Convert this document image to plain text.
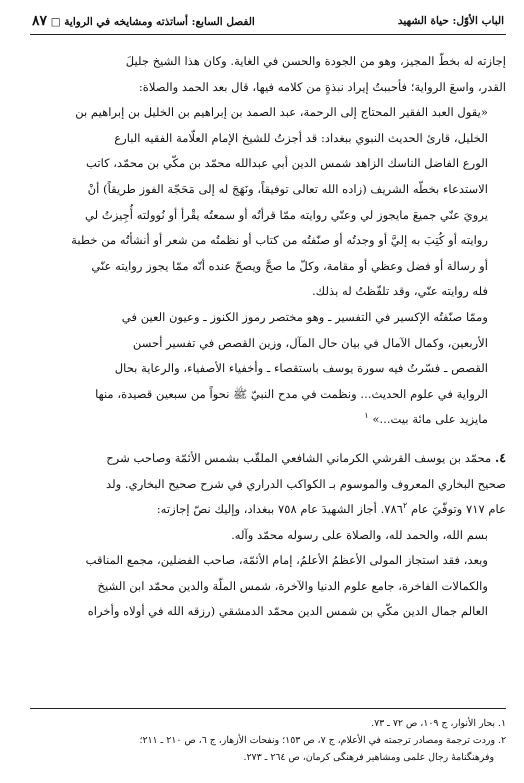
الباب الأوّل: حياة الشهيد
الفصل السابع: أساتذته ومشايخه في الرواية □ ٨٧

إجازته له بخطّ المجيز، وهو من الجودة والحسن في الغاية. وكان هذا الشيخ جليلَ

القدر، واسعَ الرواية؛ فأحببتُ إيراد نبذةٍ من كلامه فيها، قال بعد الحمد والصلاة:

«يقول العبد الفقير المحتاج إلى الرحمة، عبد الصمد بن إبراهيم بن الخليل بن إبراهيم بن

الخليل، قارئ الحديث النبوي ببغداد: قد أجزتُ للشيخ الإمام العلّامة الفقيه البارع

الورع الفاضل الناسك الزاهد شمس الدين أبي عبدالله محمّد بن مكّي بن محمّد، كاتب

الاستدعاء بخطّه الشريف (زاده الله تعالى توفيقاً، ونَهَجَ له إلى مَحَجّة الفوز طريقاً) أنْ

يرويَ عنّي جميعَ مايجوز لي وعنّي روايته ممّا قرأتُه أو سمعتُه يقْرأ أو نُوولته أُجِيزتُ لي

روايته أو كُتِبَ به إليَّ أو وجدتُه أو صنّفتُه من كتاب أو نظمتُه من شعر أو أنشأتُه من خطبة

أو رسالة أو فضل وعظي أو مقامة، وكلّ ما صحَّ ويصحّ عنده أنّه ممّا يجوز روايته عنّي

فله روايته عنّي، وقد تلفّظتُ له بذلك.

وممّا صنّفتُه الإكسير في التفسير ـ وهو مختصر رموز الكنوز ـ وعيون العين في

الأربعين، وكمال الآمال في بيان حال المآل، وزين القصص في تفسير أحسن

القصص ـ فسّرتُ فيه سورة يوسف باستقصاء ـ وأخفياء الأصفياء، والرعاية بحال

الرواية في علوم الحديث... ونظمت في مدح النبيّ ﷺ نحواً من سبعين قصيدة، منها

مايزيد على مائة بيت...» $^١$

٤. محمّد بن يوسف القرشي الكرماني الشافعي الملقّب بشمس الأئمّة وصاحب شرح

صحيح البخاري المعروف والموسوم بـ الكواكب الدراري في شرح صحيح البخاري. ولد

عام ٧١٧ وتوفّيَ عام ٧٨٦$^٢$. أجاز الشهيدَ عام ٧٥٨ ببغداد، وإليك نصّ إجازته:

بسم الله، والحمد لله، والصلاة على رسوله محمّد وآله.

وبعد، فقد استجاز المولى الأعظمُ الأعلمُ، إمام الأئمّة، صاحب الفضلين، مجمع المناقب

والكمالات الفاخرة، جامع علوم الدنيا والآخرة، شمس الملّة والدين محمّد ابن الشيخ

العالم جمال الدين مكّي بن شمس الدين محمّد الدمشقي (رزقه الله في أولاه وأخراه

١. بحار الأنوار، ج ١٠٩، ص ٧٢ ـ ٧٣.

٢. وردت ترجمة ومصادر ترجمته في الأعلام، ج ٧، ص ١٥٣؛ ونفحات الأزهار، ج ٦، ص ٢١٠ ـ ٢١١؛

وفرهنگنامۀ رجال علمی ومشاهیر فرهنگی كرمان، ص ٢٦٤ ـ ٢٧٣.
